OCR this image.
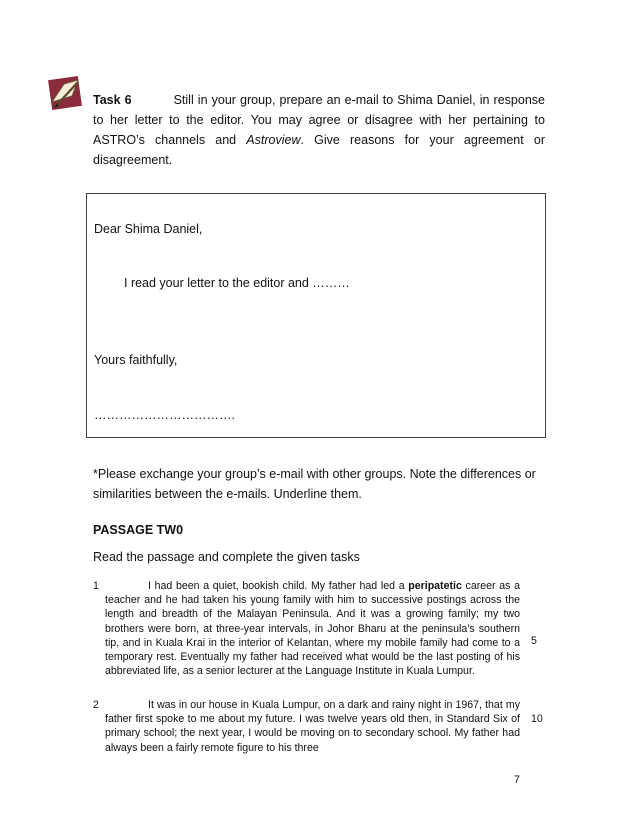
Task 6	Still in your group, prepare an e-mail to Shima Daniel, in response to her letter to the editor. You may agree or disagree with her pertaining to ASTRO’s channels and Astroview. Give reasons for your agreement or disagreement.
Dear Shima Daniel,
I read your letter to the editor and ………
Yours faithfully,
…………………………….
*Please exchange your group’s e-mail with other groups. Note the differences or similarities between the e-mails. Underline them.
PASSAGE TW0
Read the passage and complete the given tasks
1	I had been a quiet, bookish child. My father had led a peripatetic career as a teacher and he had taken his young family with him to successive postings across the length and breadth of the Malayan Peninsula. And it was a growing family; my two brothers were born, at three-year intervals, in Johor Bharu at the peninsula’s southern tip, and in Kuala Krai in the interior of Kelantan, where my mobile family had come to a temporary rest. Eventually my father had received what would be the last posting of his abbreviated life, as a senior lecturer at the Language Institute in Kuala Lumpur.
2	It was in our house in Kuala Lumpur, on a dark and rainy night in 1967, that my father first spoke to me about my future. I was twelve years old then, in Standard Six of primary school; the next year, I would be moving on to secondary school. My father had always been a fairly remote figure to his three
5
10
7
